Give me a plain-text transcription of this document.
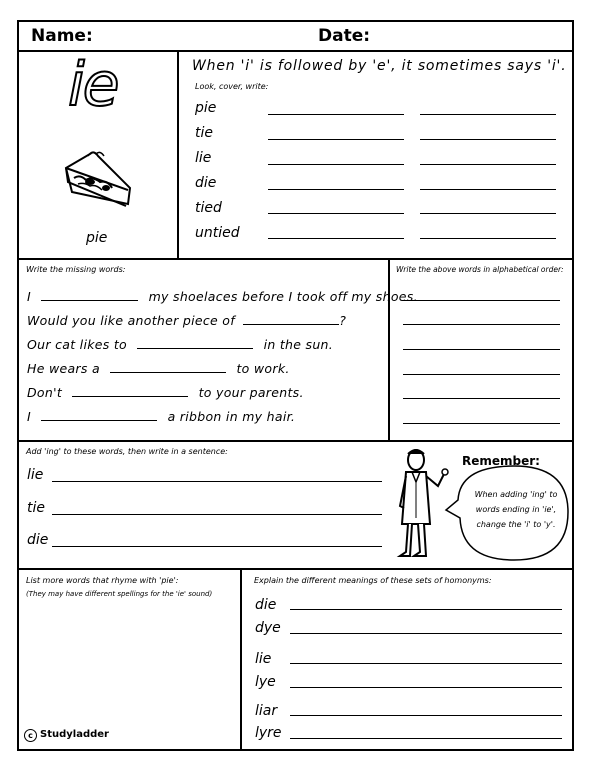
Name:	Date:
ie
pie
When 'i' is followed by 'e', it sometimes says 'i'.
Look, cover, write:
pie
tie
lie
die
tied
untied
Write the missing words:
I	my shoelaces before I took off my shoes.
Would you like another piece of	?
Our cat likes to	in the sun.
He wears a	to work.
Don't	to your parents.
I	a ribbon in my hair.
Write the above words in alphabetical order:
Add 'ing' to these words, then write in a sentence:
lie
tie
die
Remember:
When adding 'ing' to words ending in 'ie', change the 'i' to 'y'.
List more words that rhyme with 'pie':
(They may have different spellings for the 'ie' sound)
Explain the different meanings of these sets of homonyms:
die
dye
lie
lye
liar
lyre
c Studyladder
